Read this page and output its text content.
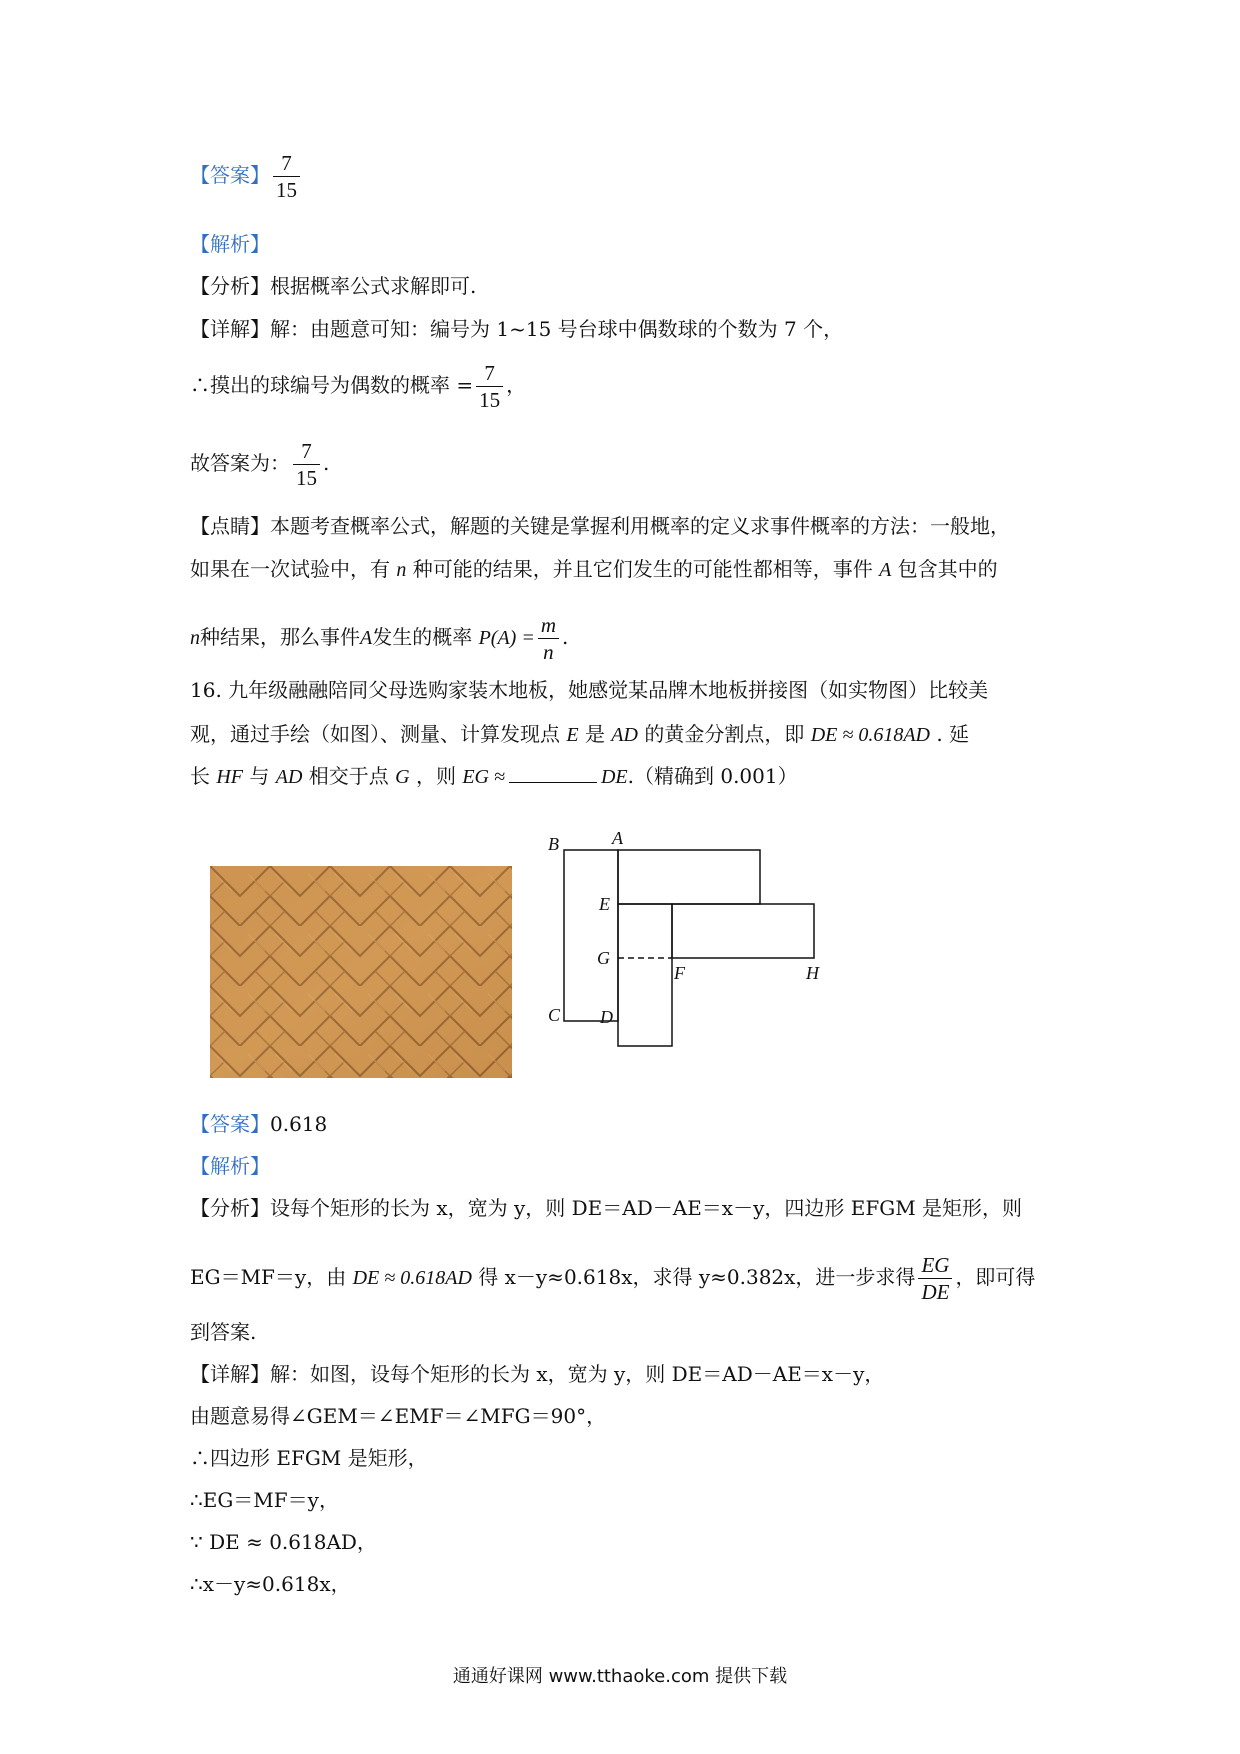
【答案】 $\frac{7}{15}$
【解析】
【分析】根据概率公式求解即可.
【详解】解：由题意可知：编号为 1~15 号台球中偶数球的个数为 7 个，
∴摸出的球编号为偶数的概率 = $\frac{7}{15}$ ，
故答案为： $\frac{7}{15}$ .
【点睛】本题考查概率公式，解题的关键是掌握利用概率的定义求事件概率的方法：一般地，
如果在一次试验中，有 n 种可能的结果，并且它们发生的可能性都相等，事件 A 包含其中的
n种结果，那么事件A发生的概率 $P(A) = \frac{m}{n}$ .
16. 九年级融融陪同父母选购家装木地板，她感觉某品牌木地板拼接图（如实物图）比较美
观，通过手绘（如图）、测量、计算发现点 E 是 AD 的黄金分割点，即 DE ≈ 0.618AD . 延
长 HF 与 AD 相交于点 G ，则 EG ≈	DE.（精确到 0.001）
B	A
E
G
F	H
C D
【答案】0.618
【解析】
【分析】设每个矩形的长为 x，宽为 y，则 DE＝AD－AE＝x－y，四边形 EFGM 是矩形，则
EG＝MF＝y，由 DE ≈ 0.618AD 得 x－y≈0.618x，求得 y≈0.382x，进一步求得 $\frac{EG}{DE}$ ，即可得
到答案.
【详解】解：如图，设每个矩形的长为 x，宽为 y，则 DE＝AD－AE＝x－y，
由题意易得∠GEM＝∠EMF＝∠MFG＝90°，
∴四边形 EFGM 是矩形，
∴EG＝MF＝y，
∵ DE ≈ 0.618AD，
∴x－y≈0.618x，
通通好课网 www.tthaoke.com 提供下载
